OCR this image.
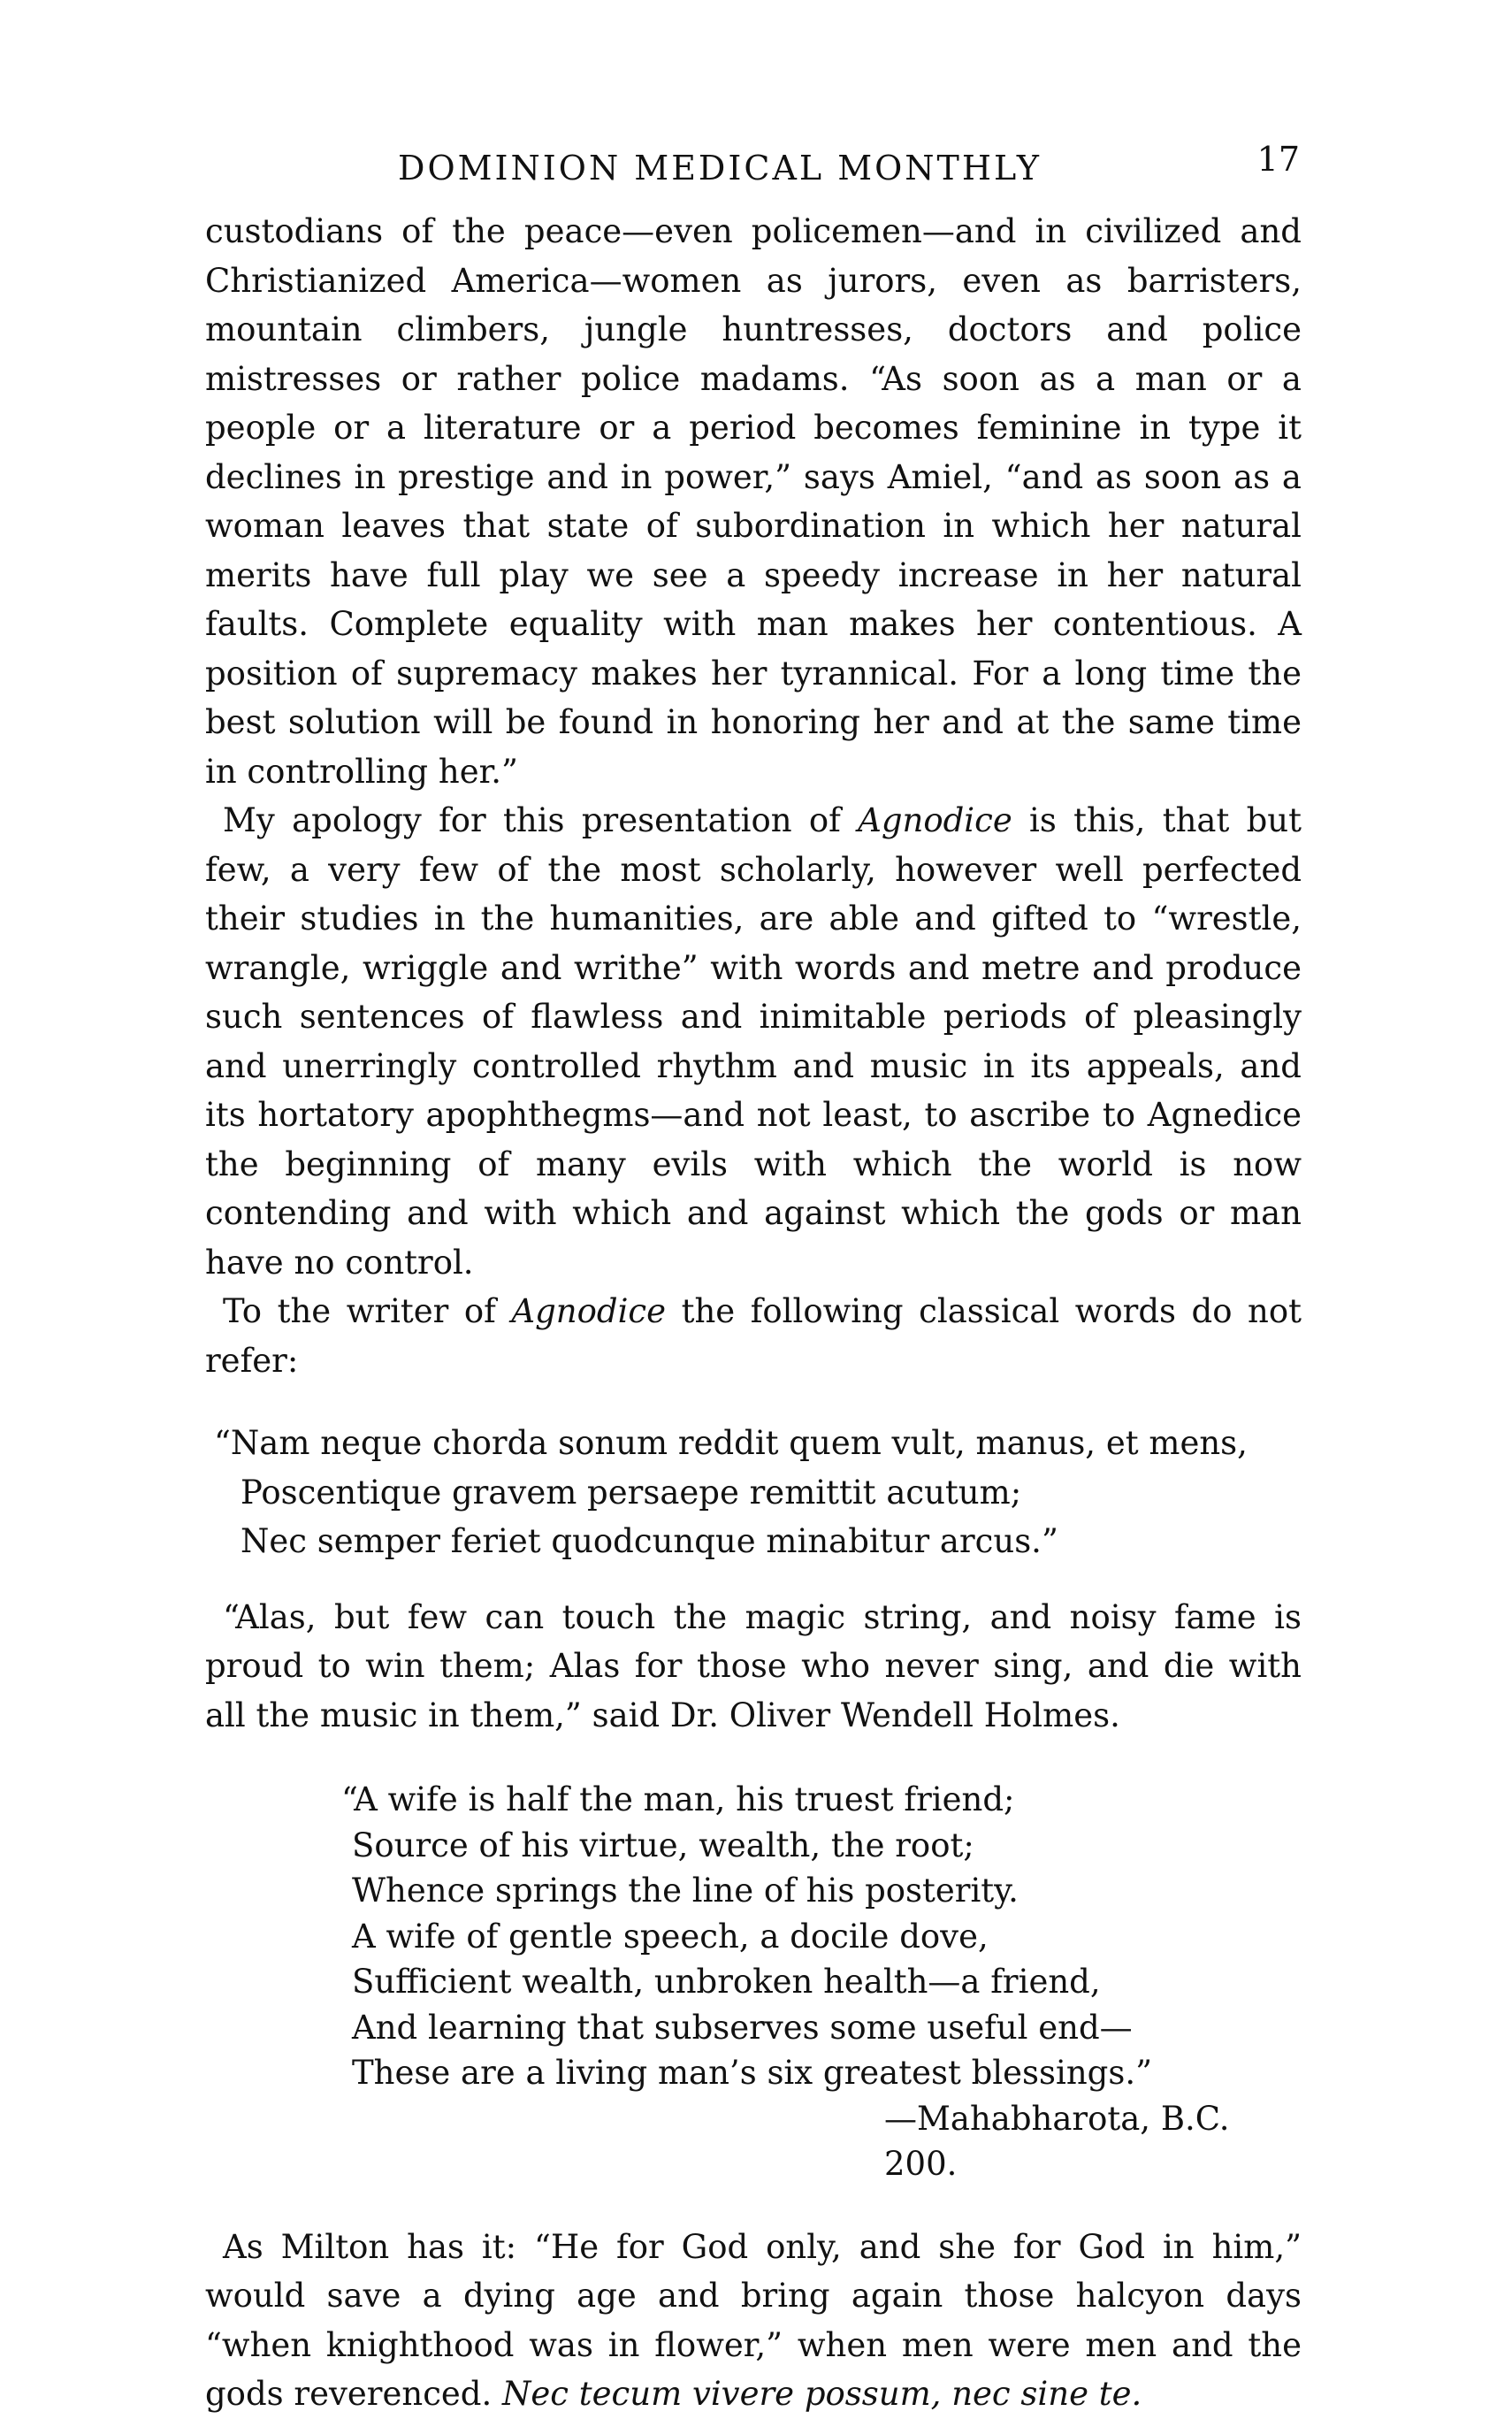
DOMINION MEDICAL MONTHLY	17

custodians of the peace—even policemen—and in civilized and Christianized America—women as jurors, even as barristers, mountain climbers, jungle huntresses, doctors and police mistresses or rather police madams. “As soon as a man or a people or a literature or a period becomes feminine in type it declines in prestige and in power,” says Amiel, “and as soon as a woman leaves that state of subordination in which her natural merits have full play we see a speedy increase in her natural faults. Complete equality with man makes her contentious. A position of supremacy makes her tyrannical. For a long time the best solution will be found in honoring her and at the same time in controlling her.”

My apology for this presentation of Agnodice is this, that but few, a very few of the most scholarly, however well perfected their studies in the humanities, are able and gifted to “wrestle, wrangle, wriggle and writhe” with words and metre and produce such sentences of flawless and inimitable periods of pleasingly and unerringly controlled rhythm and music in its appeals, and its hortatory apophthegms—and not least, to ascribe to Agnedice the beginning of many evils with which the world is now contending and with which and against which the gods or man have no control.

To the writer of Agnodice the following classical words do not refer:

“Nam neque chorda sonum reddit quem vult, manus, et mens,
Poscentique gravem persaepe remittit acutum;
Nec semper feriet quodcunque minabitur arcus.”

“Alas, but few can touch the magic string, and noisy fame is proud to win them; Alas for those who never sing, and die with all the music in them,” said Dr. Oliver Wendell Holmes.

“A wife is half the man, his truest friend;
Source of his virtue, wealth, the root;
Whence springs the line of his posterity.
A wife of gentle speech, a docile dove,
Sufficient wealth, unbroken health—a friend,
And learning that subserves some useful end—
These are a living man’s six greatest blessings.”
—Mahabharota, B.C. 200.

As Milton has it: “He for God only, and she for God in him,” would save a dying age and bring again those halcyon days “when knighthood was in flower,” when men were men and the gods reverenced. Nec tecum vivere possum, nec sine te.
